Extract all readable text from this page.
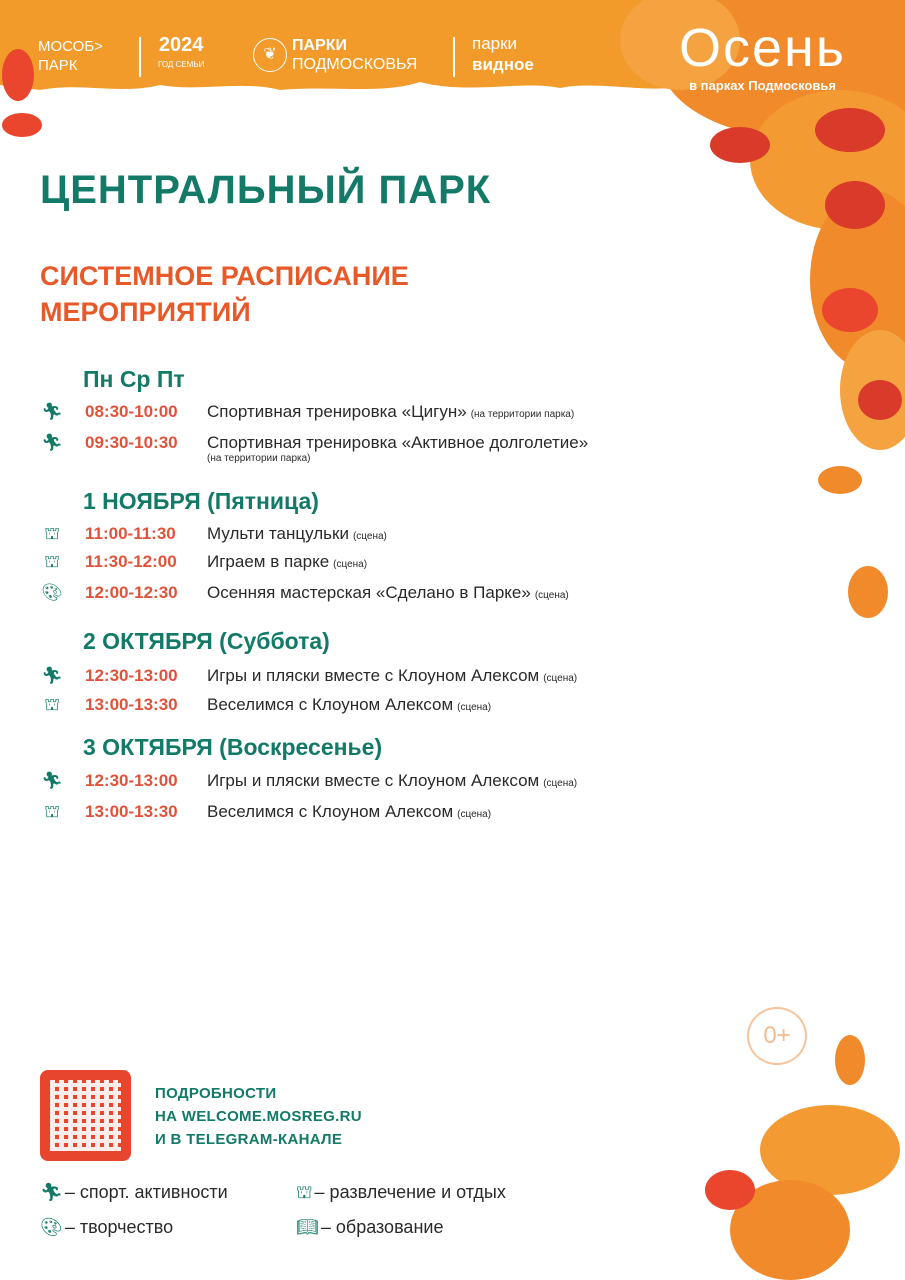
МОСОБ>
ПАРК
2024
ГОД СЕМЬИ
❦
ПАРКИ
ПОДМОСКОВЬЯ
парки
видное	Осень
в парках Подмосковья
ЦЕНТРАЛЬНЫЙ ПАРК
СИСТЕМНОЕ РАСПИСАНИЕ
МЕРОПРИЯТИЙ
Пн Ср Пт
🏃︎ 08:30-10:00 Спортивная тренировка «Цигун» (на территории парка)
🏃︎ 09:30-10:30 Спортивная тренировка «Активное долголетие»
(на территории парка)
1 НОЯБРЯ (Пятница)
⛫ 11:00-11:30 Мульти танцульки (сцена)
⛫ 11:30-12:00 Играем в парке (сцена)
🎨︎ 12:00-12:30 Осенняя мастерская «Сделано в Парке» (сцена)
2 ОКТЯБРЯ (Суббота)
🏃︎ 12:30-13:00 Игры и пляски вместе с Клоуном Алексом (сцена)
⛫ 13:00-13:30 Веселимся с Клоуном Алексом (сцена)
3 ОКТЯБРЯ (Воскресенье)
🏃︎ 12:30-13:00 Игры и пляски вместе с Клоуном Алексом (сцена)
⛫ 13:00-13:30 Веселимся с Клоуном Алексом (сцена)
0+
ПОДРОБНОСТИ
НА WELCOME.MOSREG.RU
И В TELEGRAM-КАНАЛЕ
🏃︎ – спорт. активности	⛫ – развлечение и отдых
🎨︎ – творчество	📖︎ – образование
